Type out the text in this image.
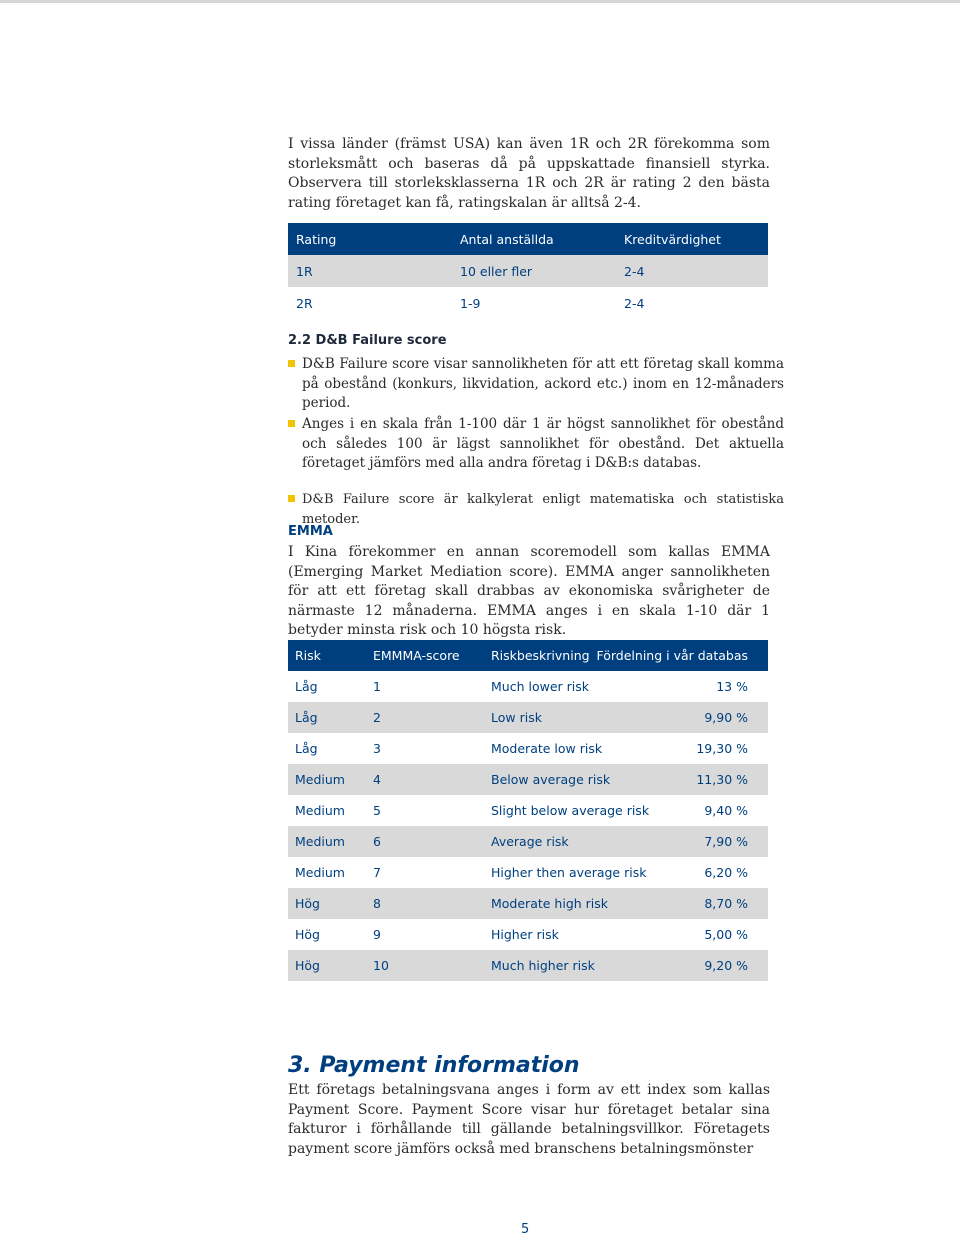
I vissa länder (främst USA) kan även 1R och 2R förekomma som storleksmått och baseras då på uppskattade finansiell styrka. Observera till storleksklasserna 1R och 2R är rating 2 den bästa rating företaget kan få, ratingskalan är alltså 2-4.

Rating	Antal anställda	Kreditvärdighet
1R	10 eller fler	2-4
2R	1-9	2-4
2.2 D&B Failure score

D&B Failure score visar sannolikheten för att ett företag skall komma på obestånd (konkurs, likvidation, ackord etc.) inom en 12-månaders period.

Anges i en skala från 1-100 där 1 är högst sannolikhet för obestånd och således 100 är lägst sannolikhet för obestånd. Det aktuella företaget jämförs med alla andra företag i D&B:s databas.

D&B Failure score är kalkylerat enligt matematiska och statistiska metoder.

EMMA

I Kina förekommer en annan scoremodell som kallas EMMA (Emerging Market Mediation score). EMMA anger sannolikheten för att ett företag skall drabbas av ekonomiska svårigheter de närmaste 12 månaderna. EMMA anges i en skala 1-10 där 1 betyder minsta risk och 10 högsta risk.

Risk	EMMMA-score	Riskbeskrivning Fördelning i vår databas
Låg	1	Much lower risk	13 %
Låg	2	Low risk	9,90 %
Låg	3	Moderate low risk	19,30 %
Medium 4	Below average risk	11,30 %
Medium 5	Slight below average risk	9,40 %
Medium 6	Average risk	7,90 %
Medium 7	Higher then average risk	6,20 %
Hög	8	Moderate high risk	8,70 %
Hög	9	Higher risk	5,00 %
Hög	10	Much higher risk	9,20 %
3. Payment information

Ett företags betalningsvana anges i form av ett index som kallas Payment Score. Payment Score visar hur företaget betalar sina fakturor i förhållande till gällande betalningsvillkor. Företagets payment score jämförs också med branschens betalningsmönster

5
